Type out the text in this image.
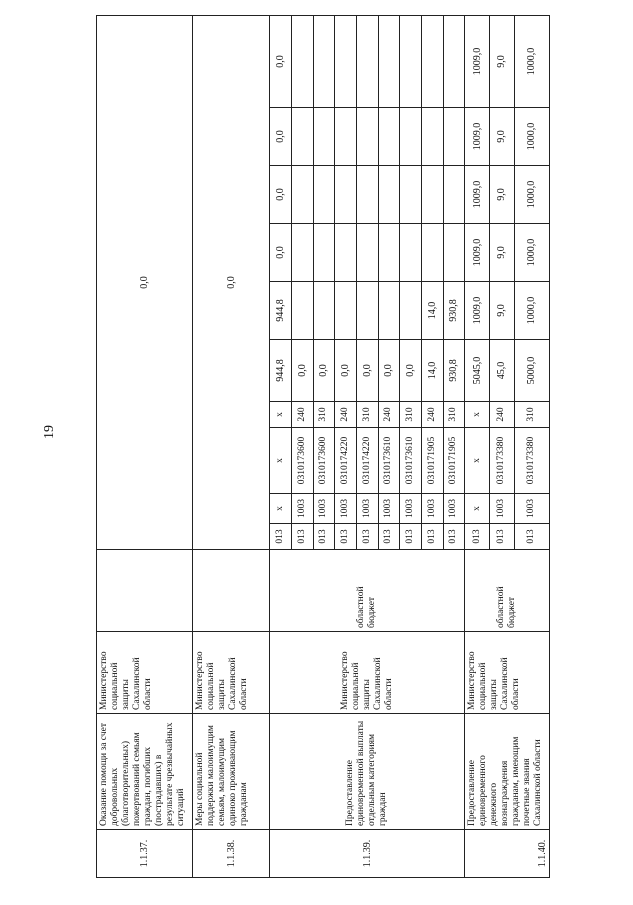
19
1.1.37.	Оказание помощи за счет добровольных (благотворительных) пожертвований семьям граждан, погибших (пострадавших) в результате чрезвычайных ситуаций	Министерство социальной защиты Сахалинской области		0,0									
1.1.38.	Меры социальной поддержки малоимущим семьям, малоимущим одиноко проживающим гражданам	Министерство социальной защиты Сахалинской области		0,0									
1.1.39.	Предоставление единовременной выплаты отдельным категориям граждан	Министерство социальной защиты Сахалинской области	областной бюджет	013	х	х	х	944,8	944,8	0,0	0,0	0,0	0,0
				013	1003	0310173600	240	0,0					
				013	1003	0310173600	310	0,0					
				013	1003	0310174220	240	0,0					
				013	1003	0310174220	310	0,0					
				013	1003	0310173610	240	0,0					
				013	1003	0310173610	310	0,0					
				013	1003	0310171905	240	14,0	14,0				
				013	1003	0310171905	310	930,8	930,8				
1.1.40.	Предоставление единовременного денежного вознаграждения гражданам, имеющим почетные звания Сахалинской области	Министерство социальной защиты Сахалинской области	областной бюджет	013	х	х	х	5045,0	1009,0	1009,0	1009,0	1009,0	1009,0
				013	1003	0310173380	240	45,0	9,0	9,0	9,0	9,0	9,0
				013	1003	0310173380	310	5000,0	1000,0	1000,0	1000,0	1000,0	1000,0
